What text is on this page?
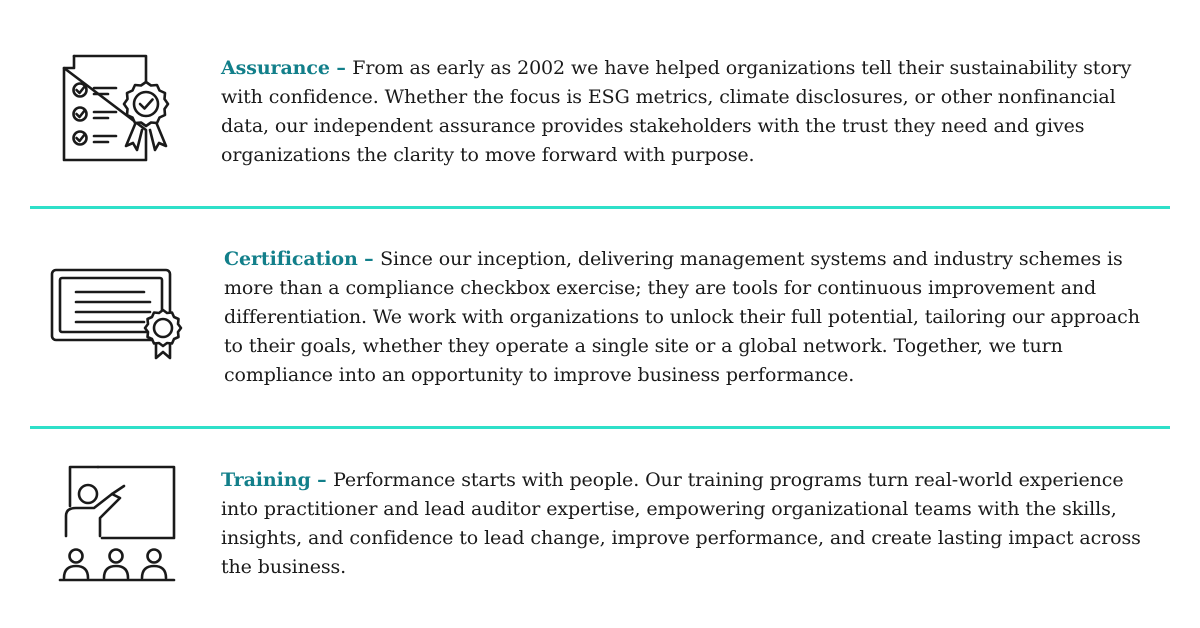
Assurance – From as early as 2002 we have helped organizations tell their sustainability story with confidence. Whether the focus is ESG metrics, climate disclosures, or other nonfinancial data, our independent assurance provides stakeholders with the trust they need and gives organizations the clarity to move forward with purpose.

Certification – Since our inception, delivering management systems and industry schemes is more than a compliance checkbox exercise; they are tools for continuous improvement and differentiation. We work with organizations to unlock their full potential, tailoring our approach to their goals, whether they operate a single site or a global network. Together, we turn compliance into an opportunity to improve business performance.

Training – Performance starts with people. Our training programs turn real-world experience into practitioner and lead auditor expertise, empowering organizational teams with the skills, insights, and confidence to lead change, improve performance, and create lasting impact across the business.
